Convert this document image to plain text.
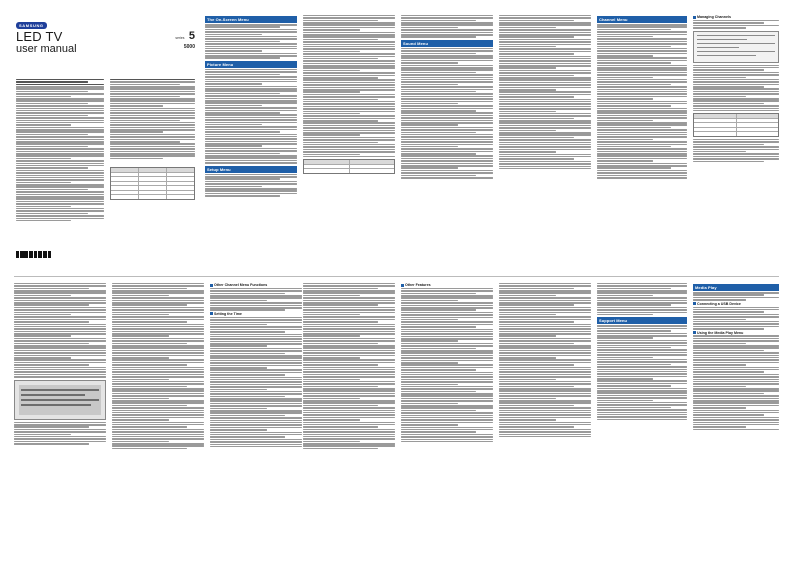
SAMSUNG
LED TV
user manual
series 5
5000
The On-Screen Menu
Picture Menu
Setup Menu
Sound Menu
Channel Menu	Managing Channels
Other Channel Menu Functions
Setting the Time
Other Features
Support Menu
Media Play
Connecting a USB Device
Using the Media Play Menu
